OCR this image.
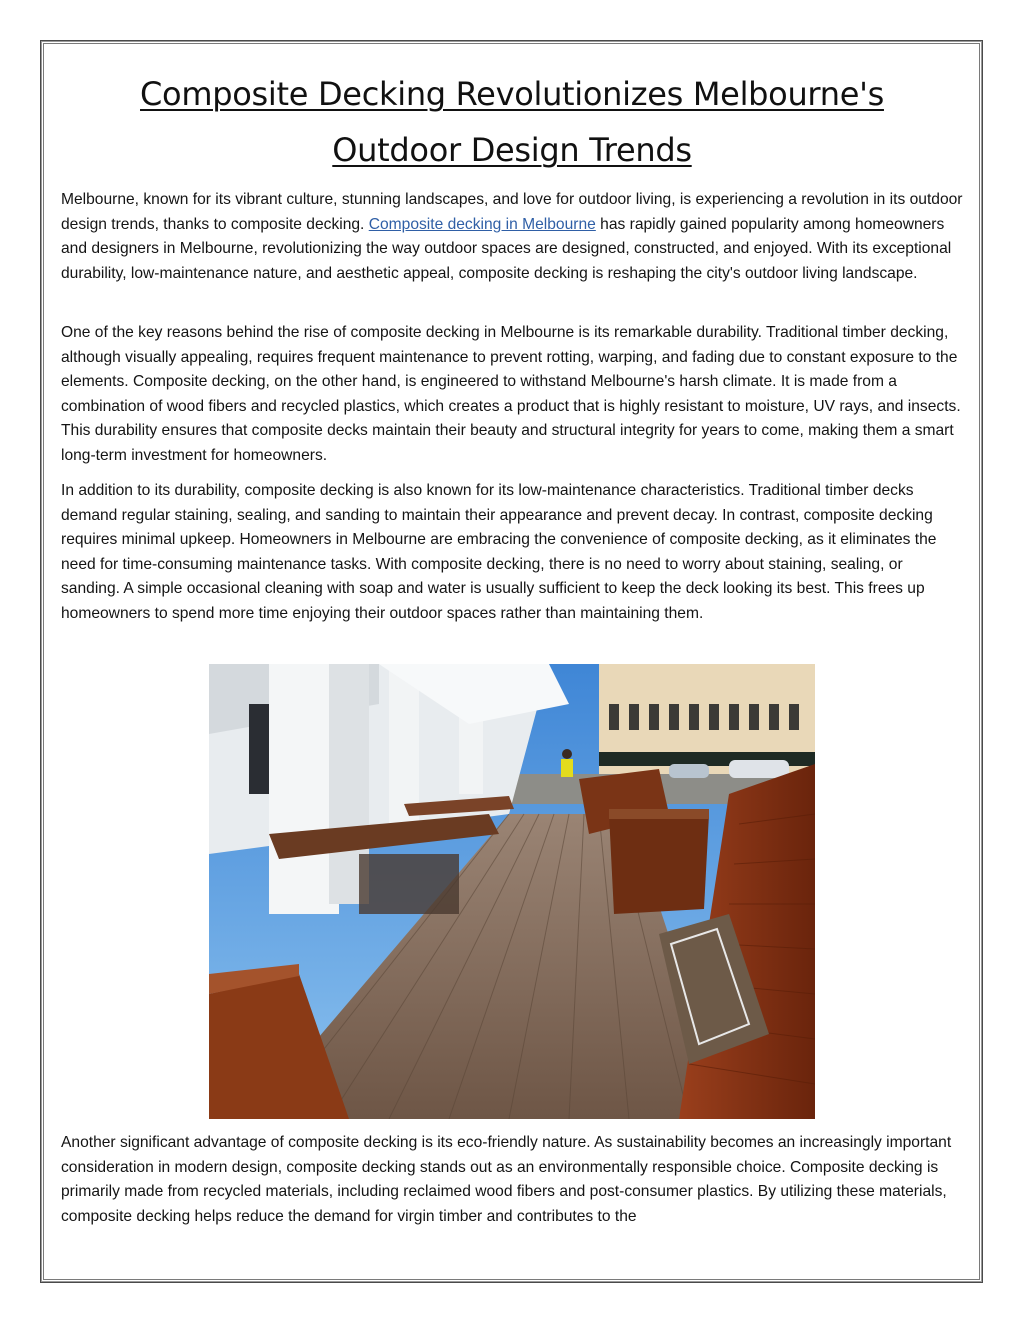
Composite Decking Revolutionizes Melbourne's
Outdoor Design Trends

Melbourne, known for its vibrant culture, stunning landscapes, and love for outdoor living, is experiencing a revolution in its outdoor design trends, thanks to composite decking. Composite decking in Melbourne has rapidly gained popularity among homeowners and designers in Melbourne, revolutionizing the way outdoor spaces are designed, constructed, and enjoyed. With its exceptional durability, low-maintenance nature, and aesthetic appeal, composite decking is reshaping the city's outdoor living landscape.

One of the key reasons behind the rise of composite decking in Melbourne is its remarkable durability. Traditional timber decking, although visually appealing, requires frequent maintenance to prevent rotting, warping, and fading due to constant exposure to the elements. Composite decking, on the other hand, is engineered to withstand Melbourne's harsh climate. It is made from a combination of wood fibers and recycled plastics, which creates a product that is highly resistant to moisture, UV rays, and insects. This durability ensures that composite decks maintain their beauty and structural integrity for years to come, making them a smart long-term investment for homeowners.

In addition to its durability, composite decking is also known for its low-maintenance characteristics. Traditional timber decks demand regular staining, sealing, and sanding to maintain their appearance and prevent decay. In contrast, composite decking requires minimal upkeep. Homeowners in Melbourne are embracing the convenience of composite decking, as it eliminates the need for time-consuming maintenance tasks. With composite decking, there is no need to worry about staining, sealing, or sanding. A simple occasional cleaning with soap and water is usually sufficient to keep the deck looking its best. This frees up homeowners to spend more time enjoying their outdoor spaces rather than maintaining them.

Another significant advantage of composite decking is its eco-friendly nature. As sustainability becomes an increasingly important consideration in modern design, composite decking stands out as an environmentally responsible choice. Composite decking is primarily made from recycled materials, including reclaimed wood fibers and post-consumer plastics. By utilizing these materials, composite decking helps reduce the demand for virgin timber and contributes to the
